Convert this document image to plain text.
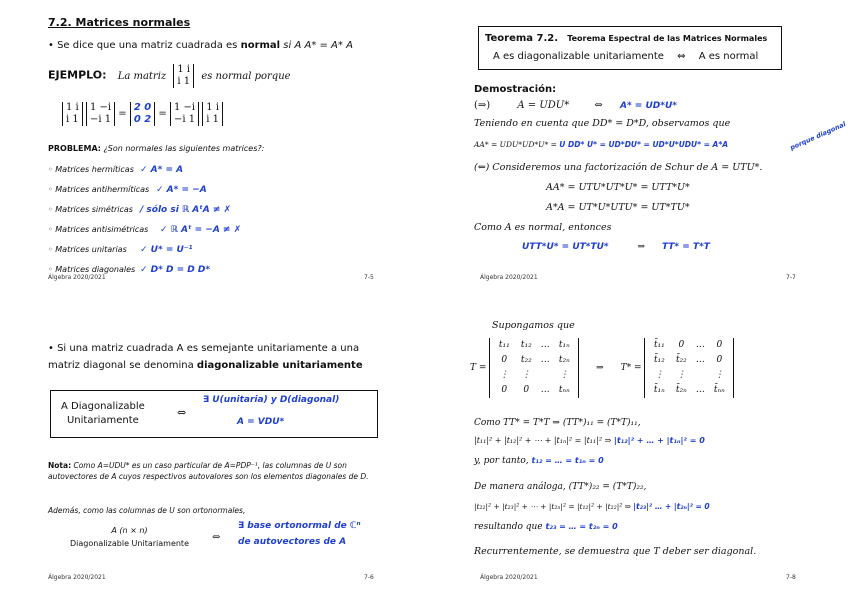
7.2. Matrices normales
• Se dice que una matriz cuadrada es normal si A A* = A* A
EJEMPLO: La matriz
1 i
i 1 es normal porque
1 i
i 1

1 −i
−i 1 =
2 0
0 2 =
1 −i
−i 1

1 i
i 1
PROBLEMA: ¿Son normales las siguientes matrices?:
◦ Matrices hermíticas ✓ A* = A
◦ Matrices antihermíticas ✓ A* = −A
◦ Matrices simétricas / sólo si ℝ AᵗA ≠ ✗
◦ Matrices antisimétricas ✓ ℝ Aᵗ = −A ≠ ✗
◦ Matrices unitarias ✓ U* = U⁻¹
◦ Matrices diagonales ✓ D* D = D D*
Álgebra 2020/2021	7-5
Teorema 7.2. Teorema Espectral de las Matrices Normales
A es diagonalizable unitariamente ⇔ A es normal
Demostración:
(⇒)	A = UDU*	⇔ A* = UD*U*
Teniendo en cuenta que DD* = D*D, observamos que
AA* = UDU*UD*U* = U DD* U* = UD*DU* = UD*U*UDU* = A*A	porque diagonal
(⇐) Consideremos una factorización de Schur de A = UTU*.
AA* = UTU*UT*U* = UTT*U*
A*A = UT*U*UTU* = UT*TU*
Como A es normal, entonces
UTT*U* = UT*TU*	⇒ TT* = T*T
Álgebra 2020/2021	7-7
• Si una matriz cuadrada A es semejante unitariamente a una matriz diagonal se denomina diagonalizable unitariamente
A Diagonalizable
Unitariamente
⇔
∃ U(unitaria) y D(diagonal)
A = VDU*
Nota: Como A=UDU* es un caso particular de A=PDP⁻¹, las columnas de U son autovectores de A cuyos respectivos autovalores son los elementos diagonales de D.
Además, como las columnas de U son ortonormales,
A (n × n)
Diagonalizable Unitariamente
⇔
∃ base ortonormal de ℂⁿ
de autovectores de A
Álgebra 2020/2021	7-6
Supongamos que
T =
t₁₁ t₁₂ … t₁ₙ
0 t₂₂ … t₂ₙ
⋮ ⋮	⋮
0 0 … tₙₙ
⇒ T* =
t̄₁₁ 0 … 0
t̄₁₂ t̄₂₂ … 0
⋮ ⋮	⋮
t̄₁ₙ t̄₂ₙ … t̄ₙₙ
Como TT* = T*T ⇒ (TT*)₁₁ = (T*T)₁₁,
|t₁₁|² + |t₁₂|² + ⋯ + |t₁ₙ|² = |t₁₁|² ⇒ |t₁₂|² + … + |t₁ₙ|² = 0
y, por tanto, t₁₂ = … = t₁ₙ = 0
De manera análoga, (TT*)₂₂ = (T*T)₂₂,
|t₂₂|² + |t₂₃|² + ⋯ + |t₂ₙ|² = |t₁₂|² + |t₂₂|² ⇒ |t₂₃|² … + |t₂ₙ|² = 0
resultando que t₂₃ = … = t₂ₙ = 0
Recurrentemente, se demuestra que T deber ser diagonal.
Álgebra 2020/2021	7-8
